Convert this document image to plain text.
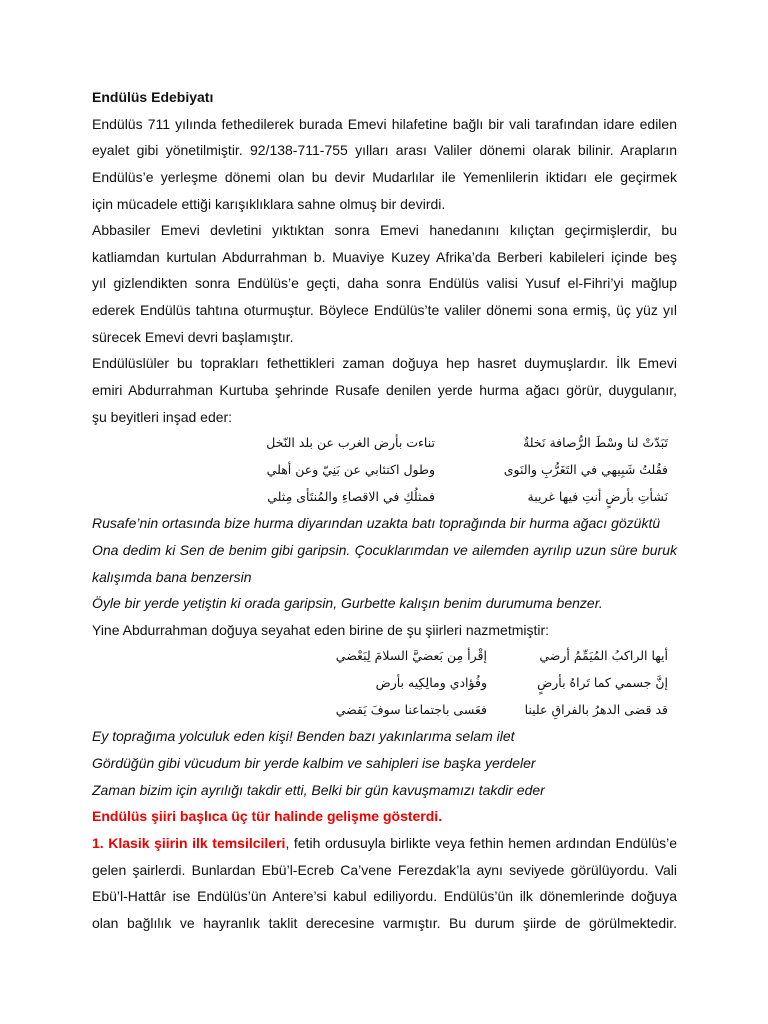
Endülüs Edebiyatı
Endülüs 711 yılında fethedilerek burada Emevi hilafetine bağlı bir vali tarafından idare edilen
eyalet gibi yönetilmiştir. 92/138-711-755 yılları arası Valiler dönemi olarak bilinir. Arapların
Endülüs’e yerleşme dönemi olan bu devir Mudarlılar ile Yemenlilerin iktidarı ele geçirmek
için mücadele ettiği karışıklıklara sahne olmuş bir devirdi.
Abbasiler Emevi devletini yıktıktan sonra Emevi hanedanını kılıçtan geçirmişlerdir, bu
katliamdan kurtulan Abdurrahman b. Muaviye Kuzey Afrika’da Berberi kabileleri içinde beş
yıl gizlendikten sonra Endülüs’e geçti, daha sonra Endülüs valisi Yusuf el-Fihri’yi mağlup
ederek Endülüs tahtına oturmuştur. Böylece Endülüs’te valiler dönemi sona ermiş, üç yüz yıl
sürecek Emevi devri başlamıştır.
Endülüslüler bu toprakları fethettikleri zaman doğuya hep hasret duymuşlardır. İlk Emevi
emiri Abdurrahman Kurtuba şehrinde Rusafe denilen yerde hurma ağacı görür, duygulanır,
şu beyitleri inşad eder:
تَبَدّتْ لنا وسْطَ الرُّصافة نَخلةٌ
تناءت بأرض الغرب عن بلد النّخل
فقُلتُ شَبِيهي في التَغَرُّبِ والنَوى
وطول اكتئابي عن بَنِيّ وعن أهلي
نَشأتِ بأرضٍ أنتِ فيها غريبة
فمثلُكِ في الاقصاءِ والمُنتَأى مِثلي
Rusafe’nin ortasında bize hurma diyarından uzakta batı toprağında bir hurma ağacı gözüktü
Ona dedim ki Sen de benim gibi garipsin. Çocuklarımdan ve ailemden ayrılıp uzun süre buruk
kalışımda bana benzersin
Öyle bir yerde yetiştin ki orada garipsin, Gurbette kalışın benim durumuma benzer.
Yine Abdurrahman doğuya seyahat eden birine de şu şiirleri nazmetmiştir:
أيها الراكبُ المُيَمِّمُ أرضي
إقْرأ مِن بَعضيَّ السلامَ لِبَعْضي
إنَّ جسمي كما تَراهُ بأرضٍ
وفُؤادي ومالِكِيه بأرض
قد قضى الدهرُ بالفراقِ علينا
فعَسى باجتماعنا سوفَ يَقضي
Ey toprağıma yolculuk eden kişi! Benden bazı yakınlarıma selam ilet
Gördüğün gibi vücudum bir yerde kalbim ve sahipleri ise başka yerdeler
Zaman bizim için ayrılığı takdir etti, Belki bir gün kavuşmamızı takdir eder
Endülüs şiiri başlıca üç tür halinde gelişme gösterdi.
1. Klasik şiirin ilk temsilcileri, fetih ordusuyla birlikte veya fethin hemen ardından Endülüs’e
gelen şairlerdi. Bunlardan Ebü’l-Ecreb Ca’vene Ferezdak’la aynı seviyede görülüyordu. Vali
Ebü’l-Hattâr ise Endülüs’ün Antere’si kabul ediliyordu. Endülüs’ün ilk dönemlerinde doğuya
olan bağlılık ve hayranlık taklit derecesine varmıştır. Bu durum şiirde de görülmektedir.
